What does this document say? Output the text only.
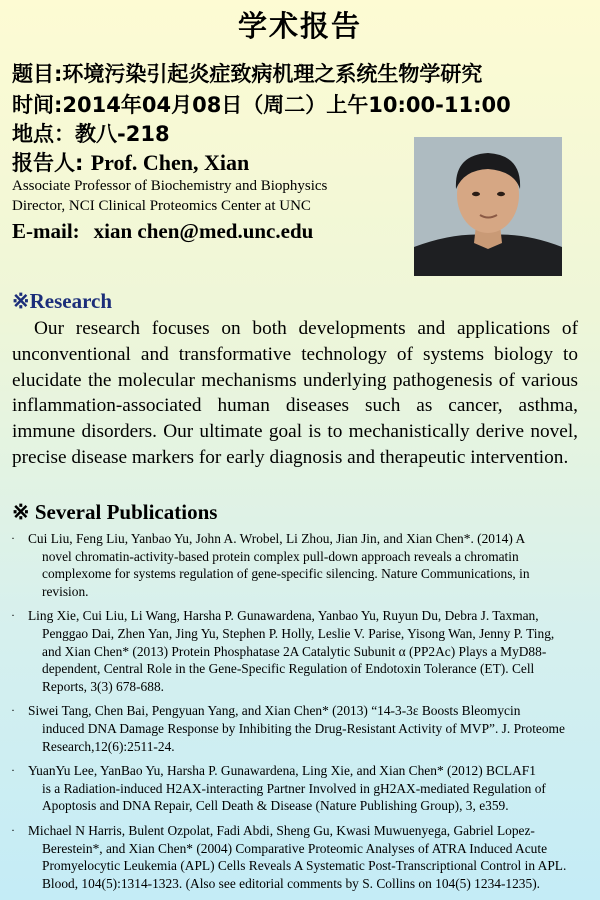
学术报告
题目:环境污染引起炎症致病机理之系统生物学研究
时间:2014年04月08日（周二）上午10:00-11:00
地点：教八-218
报告人: Prof. Chen, Xian
Associate Professor of Biochemistry and Biophysics
Director, NCI Clinical Proteomics Center at UNC
E-mail: xian chen@med.unc.edu
※Research
Our research focuses on both developments and applications of unconventional and transformative technology of systems biology to elucidate the molecular mechanisms underlying pathogenesis of various inflammation-associated human diseases such as cancer, asthma, immune disorders. Our ultimate goal is to mechanistically derive novel, precise disease markers for early diagnosis and therapeutic intervention.
※ Several Publications
· Cui Liu, Feng Liu, Yanbao Yu, John A. Wrobel, Li Zhou, Jian Jin, and Xian Chen*. (2014) A
novel chromatin-activity-based protein complex pull-down approach reveals a chromatin complexome for systems regulation of gene-specific silencing. Nature Communications, in revision.
· Ling Xie, Cui Liu, Li Wang, Harsha P. Gunawardena, Yanbao Yu, Ruyun Du, Debra J. Taxman,
Penggao Dai, Zhen Yan, Jing Yu, Stephen P. Holly, Leslie V. Parise, Yisong Wan, Jenny P. Ting, and Xian Chen* (2013) Protein Phosphatase 2A Catalytic Subunit α (PP2Ac) Plays a MyD88-dependent, Central Role in the Gene-Specific Regulation of Endotoxin Tolerance (ET). Cell Reports, 3(3) 678-688.
· Siwei Tang, Chen Bai, Pengyuan Yang, and Xian Chen* (2013) “14-3-3ε Boosts Bleomycin
induced DNA Damage Response by Inhibiting the Drug-Resistant Activity of MVP”. J. Proteome Research,12(6):2511-24.
· YuanYu Lee, YanBao Yu, Harsha P. Gunawardena, Ling Xie, and Xian Chen* (2012) BCLAF1
is a Radiation-induced H2AX-interacting Partner Involved in gH2AX-mediated Regulation of Apoptosis and DNA Repair, Cell Death & Disease (Nature Publishing Group), 3, e359.
· Michael N Harris, Bulent Ozpolat, Fadi Abdi, Sheng Gu, Kwasi Muwuenyega, Gabriel Lopez-
Berestein*, and Xian Chen* (2004) Comparative Proteomic Analyses of ATRA Induced Acute Promyelocytic Leukemia (APL) Cells Reveals A Systematic Post-Transcriptional Control in APL. Blood, 104(5):1314-1323. (Also see editorial comments by S. Collins on 104(5) 1234-1235).
